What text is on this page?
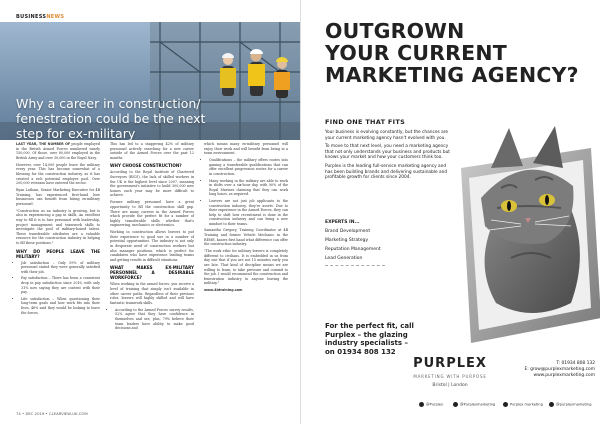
BUSINESSNEWS
Why a career in construction/ fenestration could be the next step for ex-military

LAST YEAR, THE NUMBER OF people employed in the British Armed Forces numbered nearly 150,000. Of those, over 80,000 employed in the British Army and over 30,000 in the Royal Navy.

However, over 14,000 people leave the military every year. This has become somewhat of a blessing for the construction industry, as it has created a rich potential employee pool. Over 200,000 veterans have entered the sector.

Ryan Latham, Senior Marketing Executive for 4B Training, has experienced first-hand how businesses can benefit from hiring ex-military personnel.

"Construction as an industry is growing, but is also in experiencing a gap in skills. An excellent way to fill it is to hire personnel with leadership, project management and teamwork skills to investigate the pool of military-honed talent. These transferable attributes are a valuable resource for the construction industry in helping to fill these positions."

WHY DO PEOPLE LEAVE THE MILITARY?
• Job satisfaction – Only 59% of military personnel stated they were generally satisfied with their job.
• Pay satisfaction – There has been a consistent drop in pay satisfaction since 2016, with only 31% now saying they are content with their pay.
• Life satisfaction – When questioning their long-term goals and how work fits into their lives, 46% said they would be looking to leave the forces.

This has led to a staggering 42% of military personnel actively searching for a new career outside of the Armed Forces over the past 12 months.

WHY CHOOSE CONSTRUCTION?

According to the Royal Institute of Chartered Surveyors (RICS), the lack of skilled workers in the UK is the highest level since 2007, meaning the government's initiative to build 300,000 new homes each year may be more difficult to achieve.

Former military personnel have a great opportunity to fill the construction skill gap. There are many careers in the Armed Forces which provide the perfect fit for a number of highly transferable skills, whether that's engineering, mechanics or electronics.

Working in construction allows leavers to put their experience to good use in a number of potential opportunities. The industry is not only in desperate need of construction workers but also manager positions, which is perfect for candidates who have experience leading teams and getting results in difficult situations.

WHAT MAKES EX-MILITARY PERSONNEL A DESIRABLE WORKFORCE?

When working in the armed forces, you receive a level of training that simply isn't available in other career paths. Regardless of their previous roles, leavers will highly skilled and will have fantastic teamwork skills.

• According to the Armed Forces survey results, 52% agree that they have confidence in themselves and see, plus, 79% believe their team leaders have ability to make good decisions and

which means many ex-military personnel will enjoy their work and will benefit from being in a team environment.

• Qualifications – the military offers routes into gaining a transferable qualifications that can offer excellent progression routes for a career in construction.
• Many working in the military are able to work in shifts over a six-hour day, with 90% of the Royal Marines claiming that they can work long hours, as required.
• Leavers are not just job applicants to the construction industry, they're assets. Due to their experience in the Armed Forces, they can help to shift how recruitment is done in the construction industry and can bring a new mindset to their teams.

Samantha Gregory, Training Coordinator at 4B Training and former Vehicle Mechanic in the REME, knows first hand what difference can offer the construction industry.

"The work ethic for military leavers is completely different to civilians. It is embedded in us from day one that if you are not 15 minutes early you are late. That kind of discipline means we are willing to learn, to take pressure and commit to the job. I would recommend the construction and fenestration industry to anyone leaving the military."

www.4btraining.com

74 • DEC 2019 • CLEARVIEW-UK.COM
OUTGROWN
YOUR CURRENT
MARKETING AGENCY?
FIND ONE THAT FITS

Your business is evolving constantly, but the chances are your current marketing agency hasn't evolved with you.

To move to that next level, you need a marketing agency that not only understands your business and products but knows your market and how your customers think too.

Purplex is the leading full-service marketing agency and has been building brands and delivering sustainable and profitable growth for clients since 2004.

EXPERTS IN...
Brand Development
Marketing Strategy
Reputation Management
Lead Generation
For the perfect fit, call
Purplex – the glazing
industry specialists –
on 01934 808 132
PURPLEX
MARKETING WITH PURPOSE
Bristol | London
T: 01934 808 132
E: grow@purplexmarketing.com
www.purplexmarketing.com
@Purplex	@Purplexmarketing	Purplex marketing	@purplexmarketing
